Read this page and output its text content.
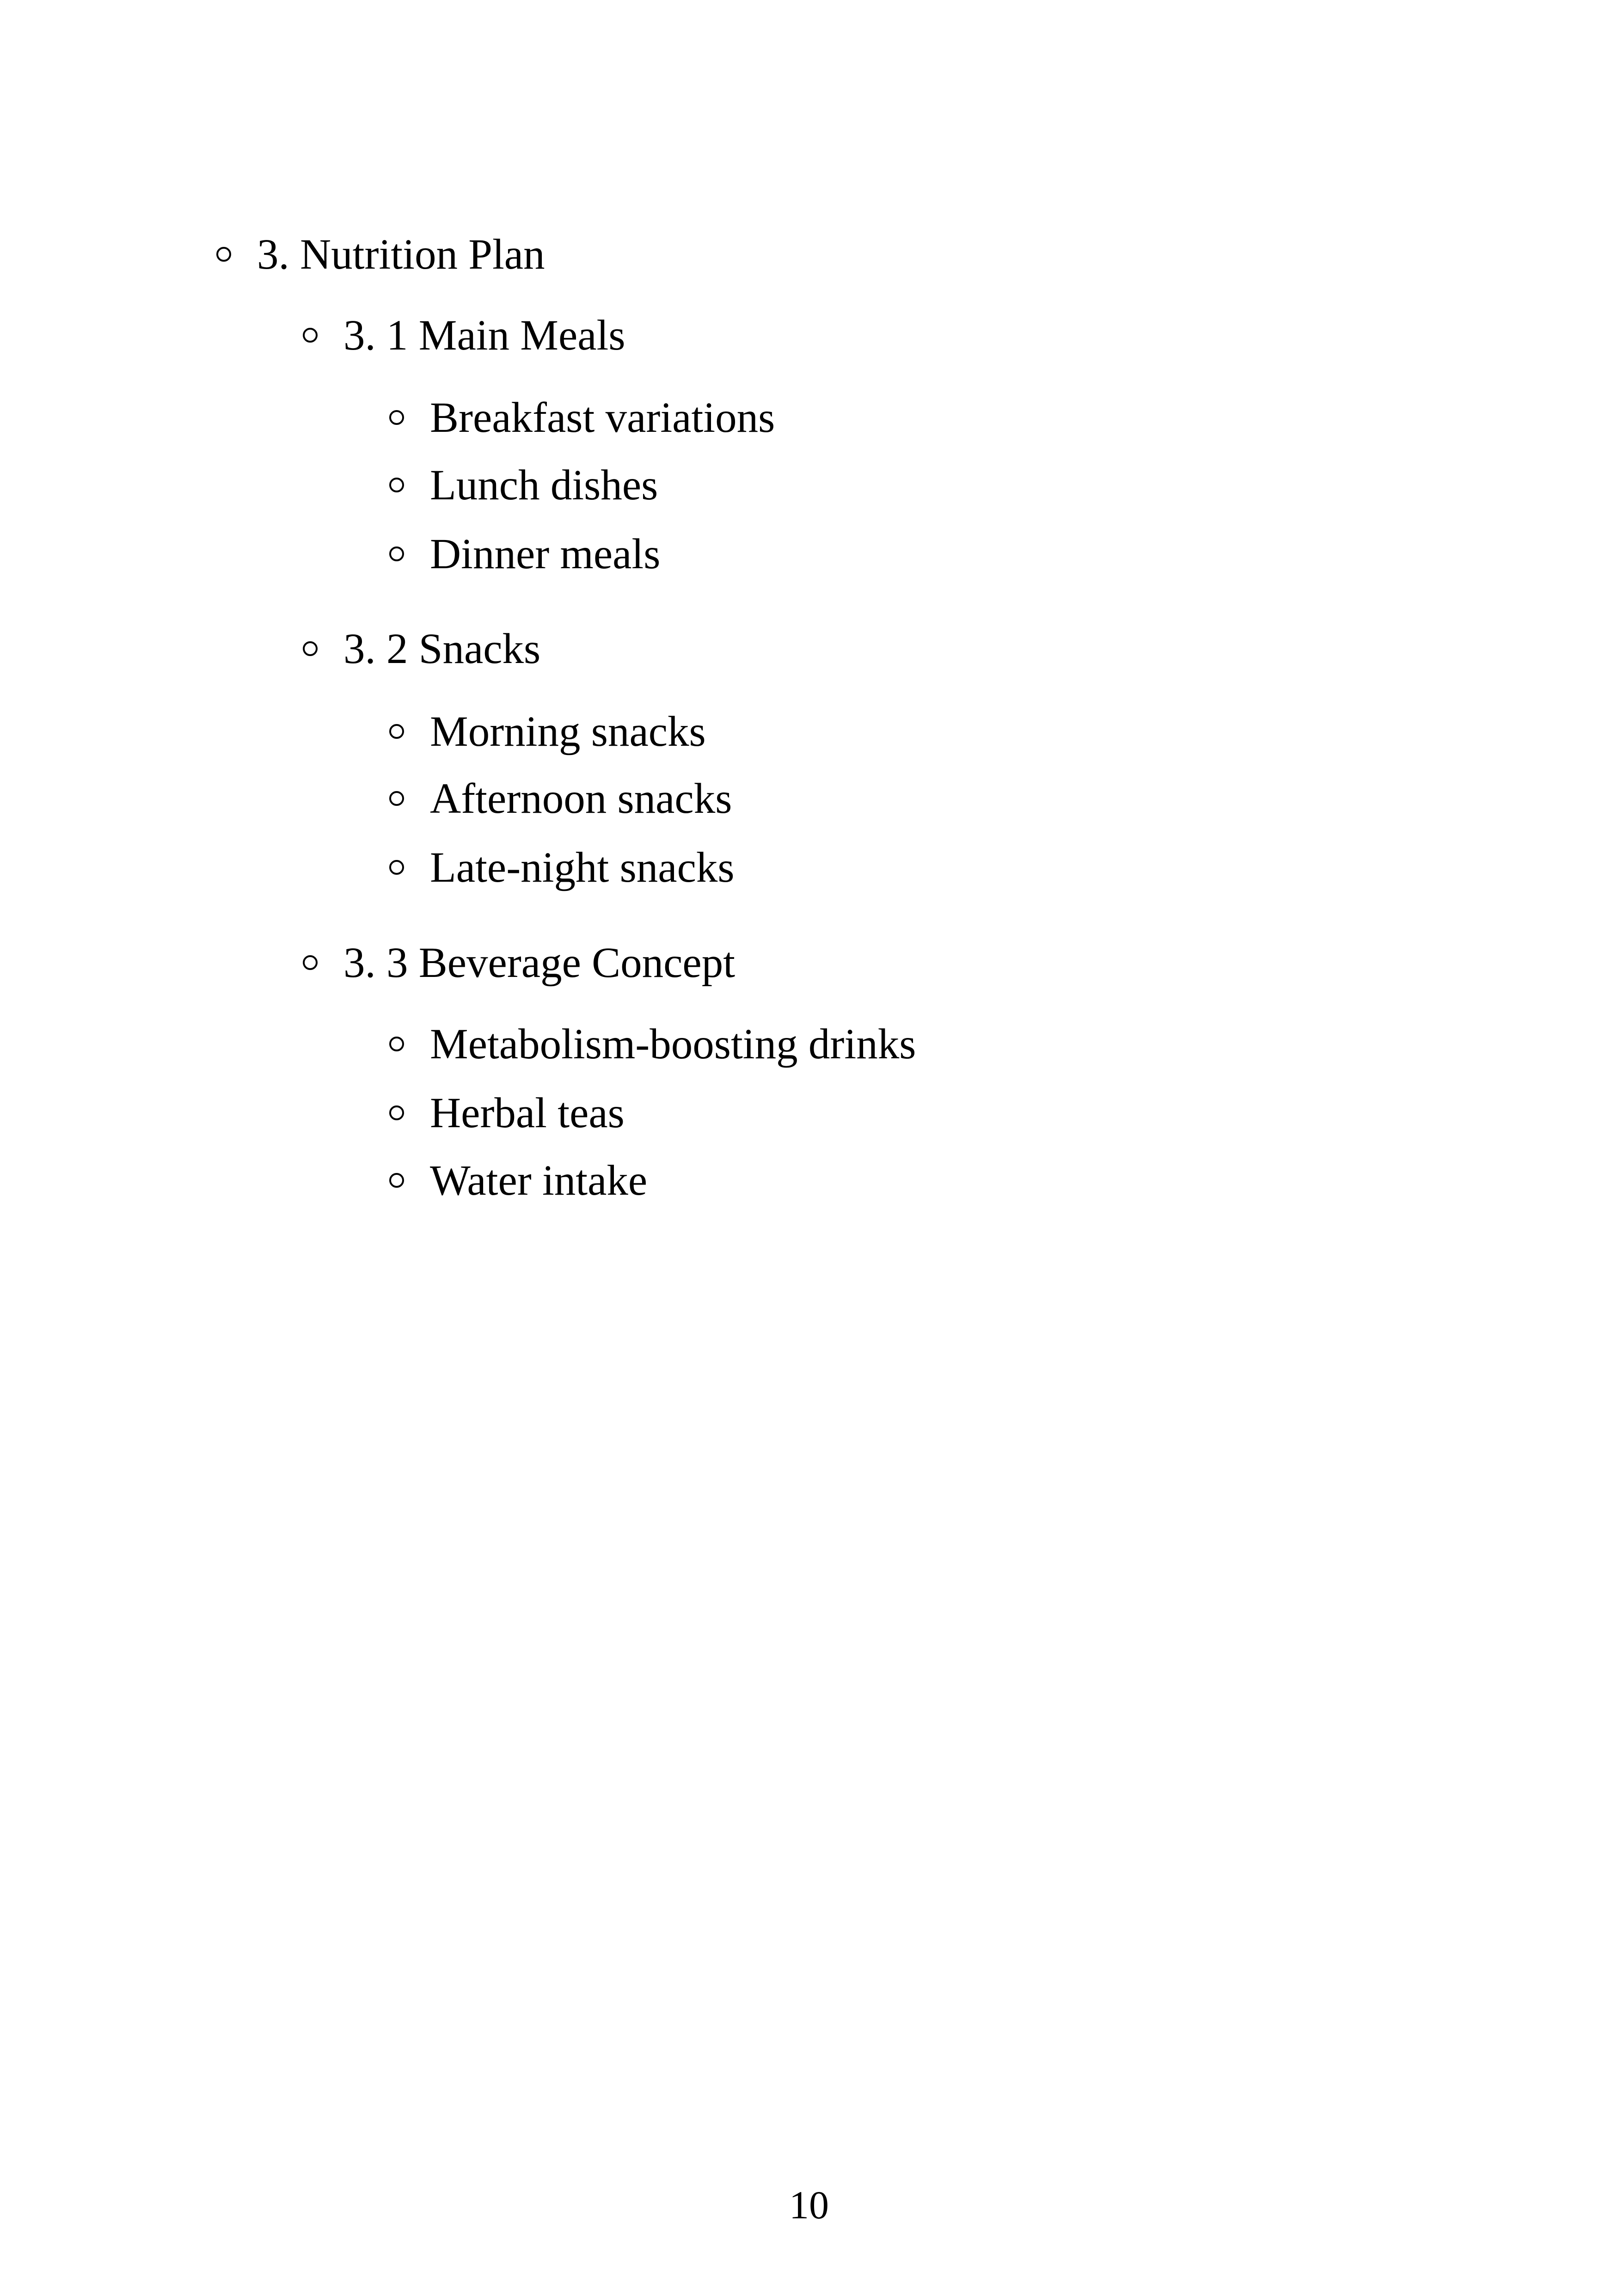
3. Nutrition Plan
3. 1 Main Meals
Breakfast variations
Lunch dishes
Dinner meals
3. 2 Snacks
Morning snacks
Afternoon snacks
Late-night snacks
3. 3 Beverage Concept
Metabolism-boosting drinks
Herbal teas
Water intake
10
